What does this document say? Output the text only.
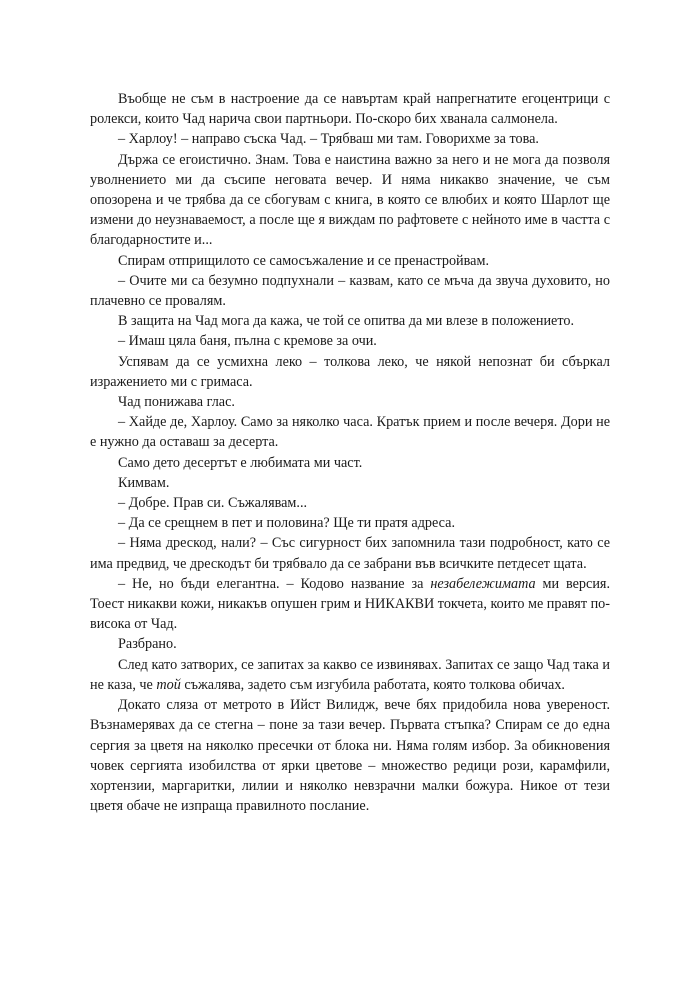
Въобще не съм в настроение да се навъртам край напрегнатите егоцентрици с ролекси, които Чад нарича свои партньори. По-скоро бих хванала салмонела.

– Харлоу! – направо съска Чад. – Трябваш ми там. Говорихме за това.

Държа се егоистично. Знам. Това е наистина важно за него и не мога да позволя уволнението ми да съсипе неговата вечер. И няма никакво значение, че съм опозорена и че трябва да се сбогувам с книга, в която се влюбих и която Шарлот ще измени до неузнаваемост, а после ще я виждам по рафтовете с нейното име в частта с благодарностите и...

Спирам отприщилото се самосъжаление и се пренастройвам.

– Очите ми са безумно подпухнали – казвам, като се мъча да звуча духовито, но плачевно се провалям.

В защита на Чад мога да кажа, че той се опитва да ми влезе в положението.

– Имаш цяла баня, пълна с кремове за очи.

Успявам да се усмихна леко – толкова леко, че някой непознат би сбъркал изражението ми с гримаса.

Чад понижава глас.

– Хайде де, Харлоу. Само за няколко часа. Кратък прием и после вечеря. Дори не е нужно да оставаш за десерта.

Само дето десертът е любимата ми част.

Кимвам.

– Добре. Прав си. Съжалявам...

– Да се срещнем в пет и половина? Ще ти пратя адреса.

– Няма дрескод, нали? – Със сигурност бих запомнила тази подробност, като се има предвид, че дрескодът би трябвало да се забрани във всичките петдесет щата.

– Не, но бъди елегантна. – Кодово название за незабележимата ми версия. Тоест никакви кожи, никакъв опушен грим и НИКАКВИ токчета, които ме правят по-висока от Чад.

Разбрано.

След като затворих, се запитах за какво се извинявах. Запитах се защо Чад така и не каза, че той съжалява, задето съм изгубила работата, която толкова обичах.

Докато сляза от метрото в Ийст Вилидж, вече бях придобила нова увереност. Възнамерявах да се стегна – поне за тази вечер. Първата стъпка? Спирам се до една сергия за цветя на няколко пресечки от блока ни. Няма голям избор. За обикновения човек сергията изобилства от ярки цветове – множество редици рози, карамфили, хортензии, маргаритки, лилии и няколко невзрачни малки божура. Никое от тези цветя обаче не изпраща правилното послание.
